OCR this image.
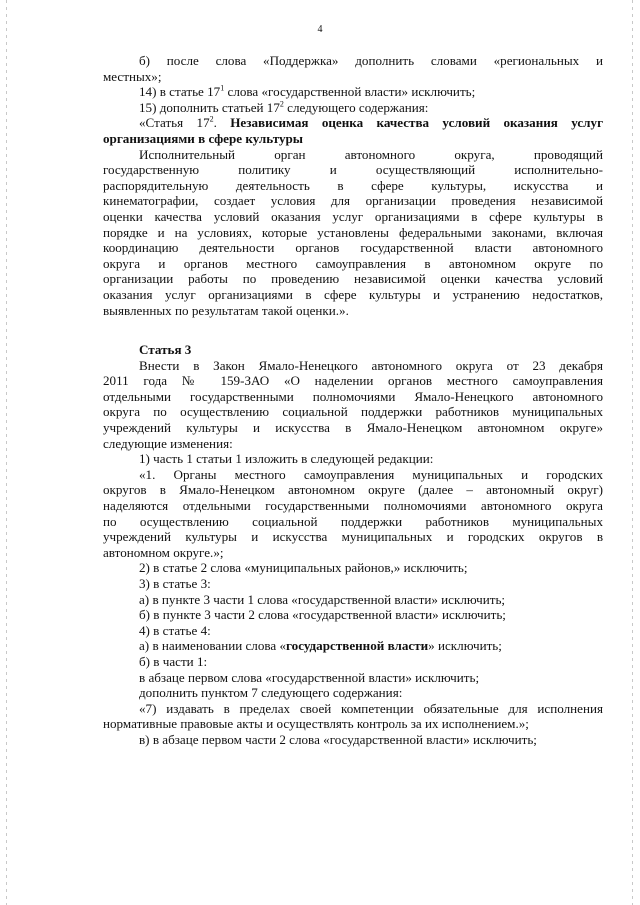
4
б) после слова «Поддержка» дополнить словами «региональных и
местных»;
14) в статье $17^1$ слова «государственной власти» исключить;
15) дополнить статьей $17^2$ следующего содержания:
«Статья $17^2$. Независимая оценка качества условий оказания услуг
организациями в сфере культуры
Исполнительный орган автономного округа, проводящий
государственную политику и осуществляющий исполнительно-
распорядительную деятельность в сфере культуры, искусства и
кинематографии, создает условия для организации проведения независимой
оценки качества условий оказания услуг организациями в сфере культуры в
порядке и на условиях, которые установлены федеральными законами, включая
координацию деятельности органов государственной власти автономного
округа и органов местного самоуправления в автономном округе по
организации работы по проведению независимой оценки качества условий
оказания услуг организациями в сфере культуры и устранению недостатков,
выявленных по результатам такой оценки.».
Статья 3
Внести в Закон Ямало-Ненецкого автономного округа от 23 декабря
2011 года № 159-ЗАО «О наделении органов местного самоуправления
отдельными государственными полномочиями Ямало-Ненецкого автономного
округа по осуществлению социальной поддержки работников муниципальных
учреждений культуры и искусства в Ямало-Ненецком автономном округе»
следующие изменения:
1) часть 1 статьи 1 изложить в следующей редакции:
«1. Органы местного самоуправления муниципальных и городских
округов в Ямало-Ненецком автономном округе (далее – автономный округ)
наделяются отдельными государственными полномочиями автономного округа
по осуществлению социальной поддержки работников муниципальных
учреждений культуры и искусства муниципальных и городских округов в
автономном округе.»;
2) в статье 2 слова «муниципальных районов,» исключить;
3) в статье 3:
а) в пункте 3 части 1 слова «государственной власти» исключить;
б) в пункте 3 части 2 слова «государственной власти» исключить;
4) в статье 4:
а) в наименовании слова «государственной власти» исключить;
б) в части 1:
в абзаце первом слова «государственной власти» исключить;
дополнить пунктом 7 следующего содержания:
«7) издавать в пределах своей компетенции обязательные для исполнения
нормативные правовые акты и осуществлять контроль за их исполнением.»;
в) в абзаце первом части 2 слова «государственной власти» исключить;
